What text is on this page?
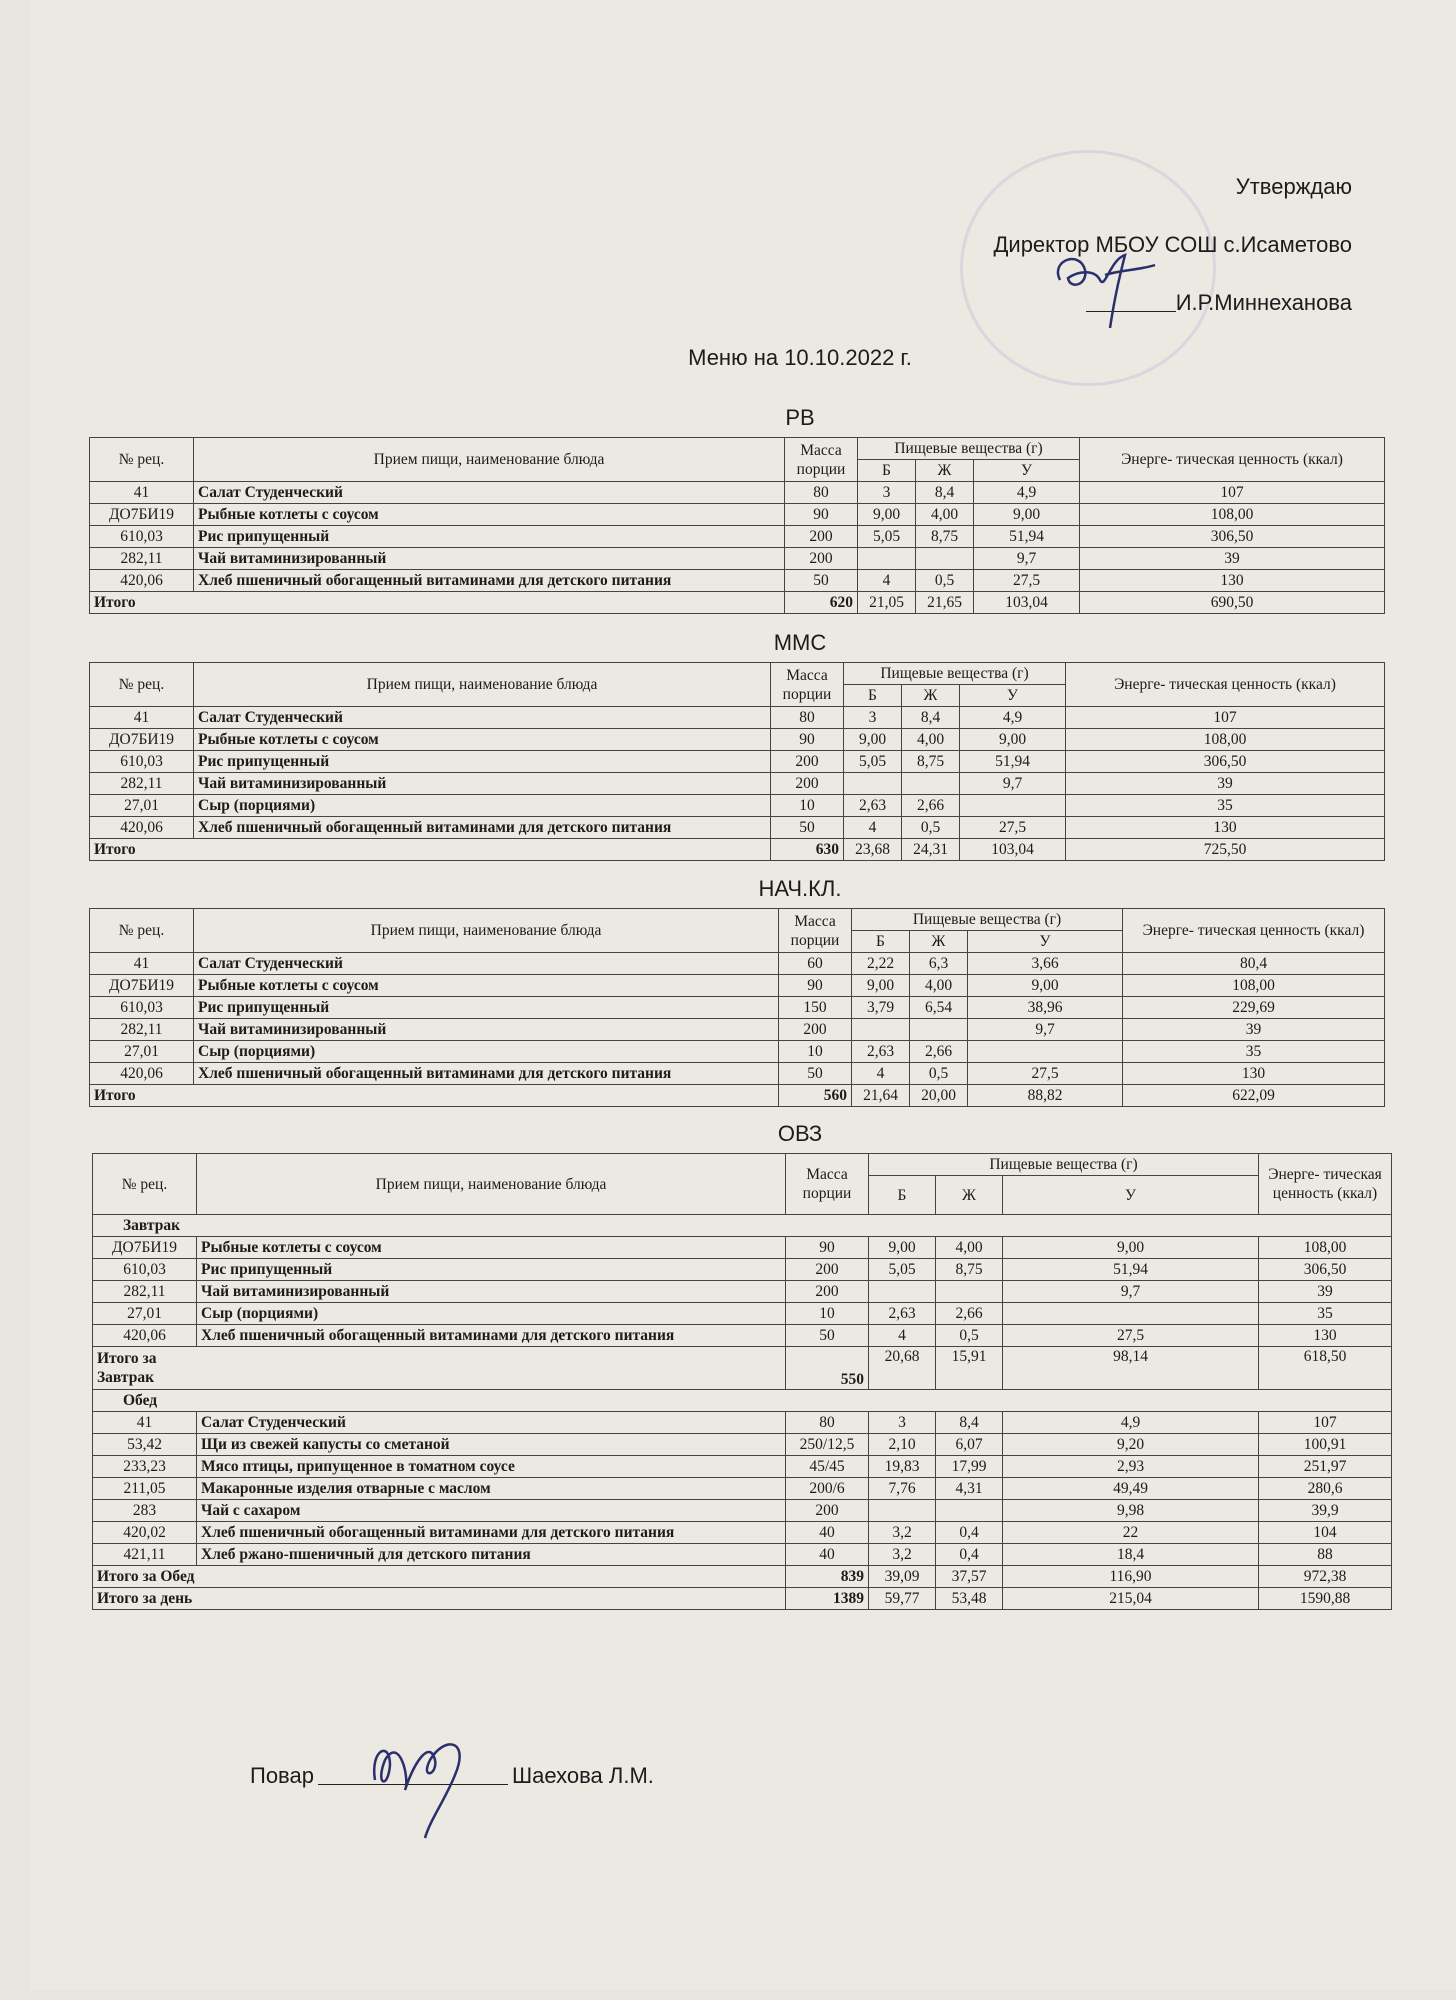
Утверждаю
Директор МБОУ СОШ с.Исаметово
И.Р.Миннеханова
Меню на 10.10.2022 г.
РВ
№ рец.	Прием пищи, наименование блюда	Масса порции	Пищевые вещества (г)			Энерге- тическая ценность (ккал)
			Б	Ж	У	
41	Салат Студенческий	80	3	8,4	4,9	107
ДО7БИ19	Рыбные котлеты с соусом	90	9,00	4,00	9,00	108,00
610,03	Рис припущенный	200	5,05	8,75	51,94	306,50
282,11	Чай витаминизированный	200			9,7	39
420,06	Хлеб пшеничный обогащенный витаминами для детского питания	50	4	0,5	27,5	130
Итого		620	21,05	21,65	103,04	690,50
ММС
№ рец.	Прием пищи, наименование блюда	Масса порции	Пищевые вещества (г)			Энерге- тическая ценность (ккал)
			Б	Ж	У	
41	Салат Студенческий	80	3	8,4	4,9	107
ДО7БИ19	Рыбные котлеты с соусом	90	9,00	4,00	9,00	108,00
610,03	Рис припущенный	200	5,05	8,75	51,94	306,50
282,11	Чай витаминизированный	200			9,7	39
27,01	Сыр (порциями)	10	2,63	2,66		35
420,06	Хлеб пшеничный обогащенный витаминами для детского питания	50	4	0,5	27,5	130
Итого		630	23,68	24,31	103,04	725,50
НАЧ.КЛ.
№ рец.	Прием пищи, наименование блюда	Масса порции	Пищевые вещества (г)			Энерге- тическая ценность (ккал)
			Б	Ж	У	
41	Салат Студенческий	60	2,22	6,3	3,66	80,4
ДО7БИ19	Рыбные котлеты с соусом	90	9,00	4,00	9,00	108,00
610,03	Рис припущенный	150	3,79	6,54	38,96	229,69
282,11	Чай витаминизированный	200			9,7	39
27,01	Сыр (порциями)	10	2,63	2,66		35
420,06	Хлеб пшеничный обогащенный витаминами для детского питания	50	4	0,5	27,5	130
Итого		560	21,64	20,00	88,82	622,09
ОВЗ
№ рец.	Прием пищи, наименование блюда	Масса порции	Пищевые вещества (г)			Энерге- тическая ценность (ккал)
			Б	Ж	У	
Завтрак						
ДО7БИ19	Рыбные котлеты с соусом	90	9,00	4,00	9,00	108,00
610,03	Рис припущенный	200	5,05	8,75	51,94	306,50
282,11	Чай витаминизированный	200			9,7	39
27,01	Сыр (порциями)	10	2,63	2,66		35
420,06	Хлеб пшеничный обогащенный витаминами для детского питания	50	4	0,5	27,5	130

Итого за Завтрак		550	20,68	15,91	98,14	618,50
Обед						
41	Салат Студенческий	80	3	8,4	4,9	107
53,42	Щи из свежей капусты со сметаной	250/12,5	2,10	6,07	9,20	100,91
233,23	Мясо птицы, припущенное в томатном соусе	45/45	19,83	17,99	2,93	251,97
211,05	Макаронные изделия отварные с маслом	200/6	7,76	4,31	49,49	280,6
283	Чай с сахаром	200			9,98	39,9
420,02	Хлеб пшеничный обогащенный витаминами для детского питания	40	3,2	0,4	22	104
421,11	Хлеб ржано-пшеничный для детского питания	40	3,2	0,4	18,4	88
Итого за Обед		839	39,09	37,57	116,90	972,38
Итого за день		1389	59,77	53,48	215,04	1590,88
Повар	Шаехова Л.М.
